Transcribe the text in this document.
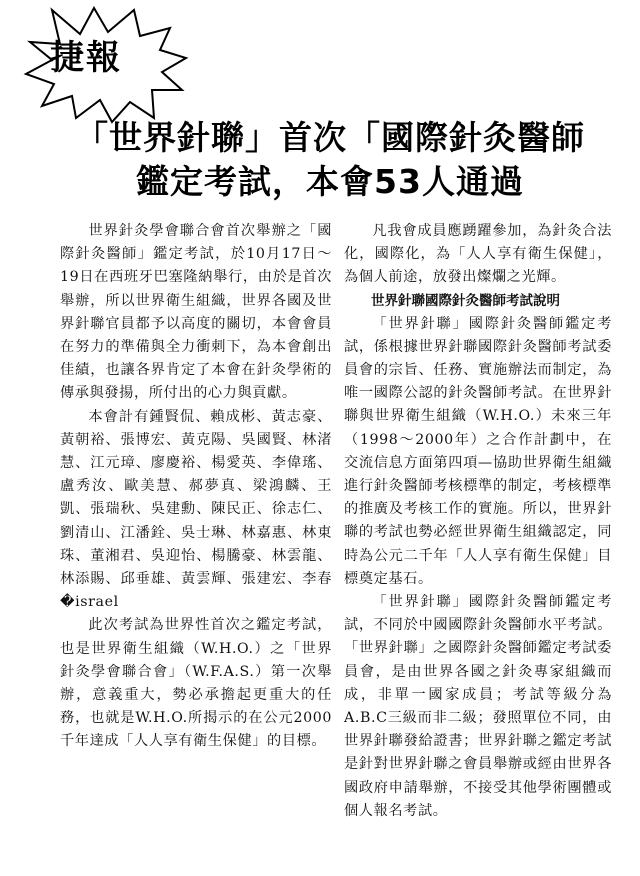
捷報
「世界針聯」首次「國際針灸醫師
鑑定考試，本會53人通過

世界針灸學會聯合會首次舉辦之「國際針灸醫師」鑑定考試，於10月17日～19日在西班牙巴塞隆納舉行，由於是首次舉辦，所以世界衛生組織，世界各國及世界針聯官員都予以高度的關切，本會會員在努力的準備與全力衝刺下，為本會創出佳績，也讓各界肯定了本會在針灸學術的傳承與發揚，所付出的心力與貢獻。

本會計有鍾賢侃、賴成彬、黃志豪、黃朝裕、張博宏、黃克陽、吳國賢、林渚慧、江元璋、廖慶裕、楊愛英、李偉瑤、盧秀汝、歐美慧、郝夢真、梁鴻麟、王凱、張瑞秋、吳建勳、陳民正、徐志仁、劉清山、江潘銓、吳士琳、林嘉惠、林東珠、董湘君、吳迎怡、楊騰豪、林雲龍、林添賜、邱垂雄、黃雲輝、張建宏、李春�israel

此次考試為世界性首次之鑑定考試，也是世界衛生組織（W.H.O.）之「世界針灸學會聯合會」（W.F.A.S.）第一次舉辦，意義重大，勢必承擔起更重大的任務，也就是W.H.O.所揭示的在公元2000千年達成「人人享有衛生保健」的目標。

凡我會成員應踴躍參加，為針灸合法化，國際化，為「人人享有衛生保健」，為個人前途，放發出燦爛之光輝。

世界針聯國際針灸醫師考試說明

「世界針聯」國際針灸醫師鑑定考試，係根據世界針聯國際針灸醫師考試委員會的宗旨、任務、實施辦法而制定，為唯一國際公認的針灸醫師考試。在世界針聯與世界衛生組織（W.H.O.）未來三年（1998～2000年）之合作計劃中，在交流信息方面第四項—協助世界衛生組織進行針灸醫師考核標準的制定，考核標準的推廣及考核工作的實施。所以，世界針聯的考試也勢必經世界衛生組織認定，同時為公元二千年「人人享有衛生保健」目標奠定基石。

「世界針聯」國際針灸醫師鑑定考試，不同於中國國際針灸醫師水平考試。「世界針聯」之國際針灸醫師鑑定考試委員會，是由世界各國之針灸專家組織而成，非單一國家成員；考試等級分為A.B.C三級而非二級；發照單位不同，由世界針聯發給證書；世界針聯之鑑定考試是針對世界針聯之會員舉辦或經由世界各國政府申請舉辦，不接受其他學術團體或個人報名考試。
